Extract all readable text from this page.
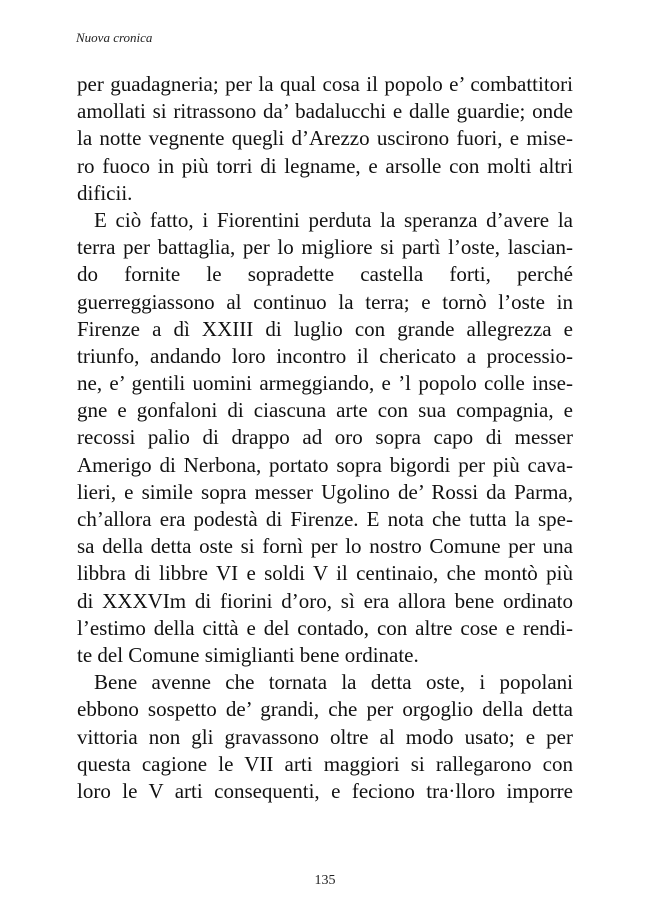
Nuova cronica
per guadagneria; per la qual cosa il popolo e’ combattitori
amollati si ritrassono da’ badalucchi e dalle guardie; onde
la notte vegnente quegli d’Arezzo uscirono fuori, e mise-
ro fuoco in più torri di legname, e arsolle con molti altri
dificii.
E ciò fatto, i Fiorentini perduta la speranza d’avere la
terra per battaglia, per lo migliore si partì l’oste, lascian-
do fornite le sopradette castella forti, perché
guerreggiassono al continuo la terra; e tornò l’oste in
Firenze a dì XXIII di luglio con grande allegrezza e
triunfo, andando loro incontro il chericato a processio-
ne, e’ gentili uomini armeggiando, e ’l popolo colle inse-
gne e gonfaloni di ciascuna arte con sua compagnia, e
recossi palio di drappo ad oro sopra capo di messer
Amerigo di Nerbona, portato sopra bigordi per più cava-
lieri, e simile sopra messer Ugolino de’ Rossi da Parma,
ch’allora era podestà di Firenze. E nota che tutta la spe-
sa della detta oste si fornì per lo nostro Comune per una
libbra di libbre VI e soldi V il centinaio, che montò più
di XXXVIm di fiorini d’oro, sì era allora bene ordinato
l’estimo della città e del contado, con altre cose e rendi-
te del Comune simiglianti bene ordinate.
Bene avenne che tornata la detta oste, i popolani
ebbono sospetto de’ grandi, che per orgoglio della detta
vittoria non gli gravassono oltre al modo usato; e per
questa cagione le VII arti maggiori si rallegarono con
loro le V arti consequenti, e feciono tra·lloro imporre
135
